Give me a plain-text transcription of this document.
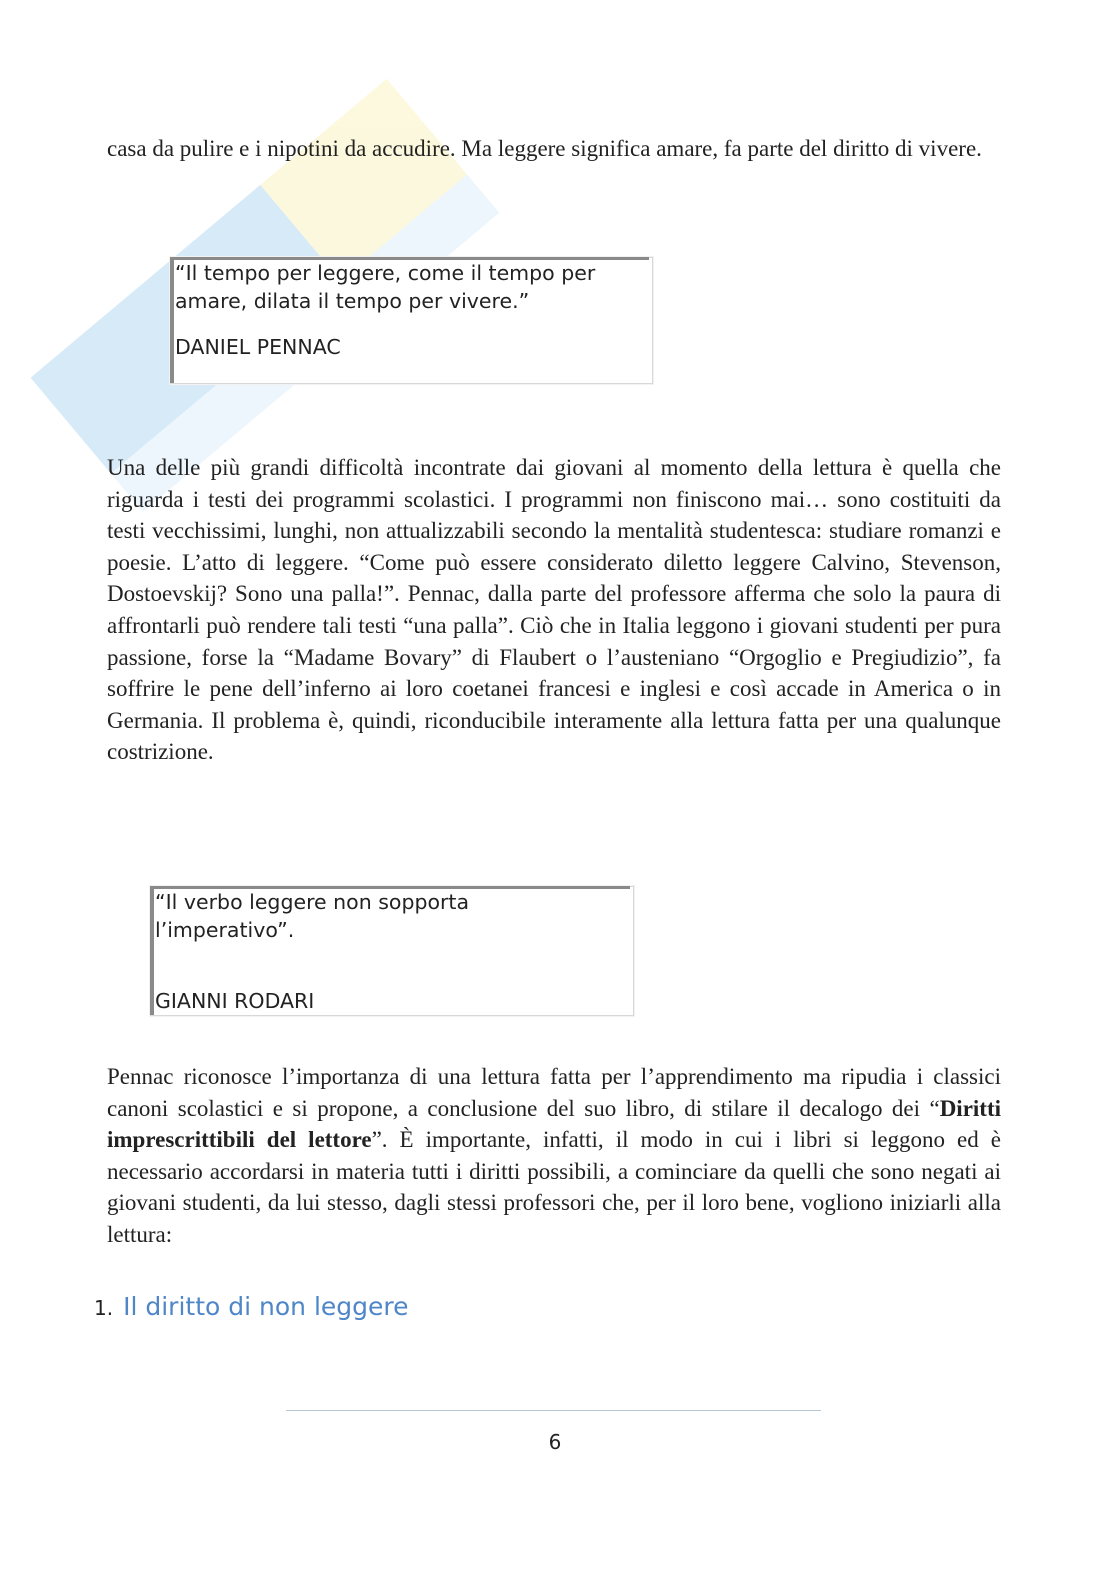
casa da pulire e i nipotini da accudire. Ma leggere significa amare, fa parte del diritto di vivere.

“Il tempo per leggere, come il tempo per amare, dilata il tempo per vivere.”
DANIEL PENNAC

Una delle più grandi difficoltà incontrate dai giovani al momento della lettura è quella che riguarda i testi dei programmi scolastici. I programmi non finiscono mai… sono costituiti da testi vecchissimi, lunghi, non attualizzabili secondo la mentalità studentesca: studiare romanzi e poesie. L’atto di leggere. “Come può essere considerato diletto leggere Calvino, Stevenson, Dostoevskij? Sono una palla!”. Pennac, dalla parte del professore afferma che solo la paura di affrontarli può rendere tali testi “una palla”. Ciò che in Italia leggono i giovani studenti per pura passione, forse la “Madame Bovary” di Flaubert o l’austeniano “Orgoglio e Pregiudizio”, fa soffrire le pene dell’inferno ai loro coetanei francesi e inglesi e così accade in America o in Germania. Il problema è, quindi, riconducibile interamente alla lettura fatta per una qualunque costrizione.

“Il verbo leggere non sopporta l’imperativo”.
GIANNI RODARI

Pennac riconosce l’importanza di una lettura fatta per l’apprendimento ma ripudia i classici canoni scolastici e si propone, a conclusione del suo libro, di stilare il decalogo dei “Diritti imprescrittibili del lettore”. È importante, infatti, il modo in cui i libri si leggono ed è necessario accordarsi in materia tutti i diritti possibili, a cominciare da quelli che sono negati ai giovani studenti, da lui stesso, dagli stessi professori che, per il loro bene, vogliono iniziarli alla lettura:

1. Il diritto di non leggere
6
